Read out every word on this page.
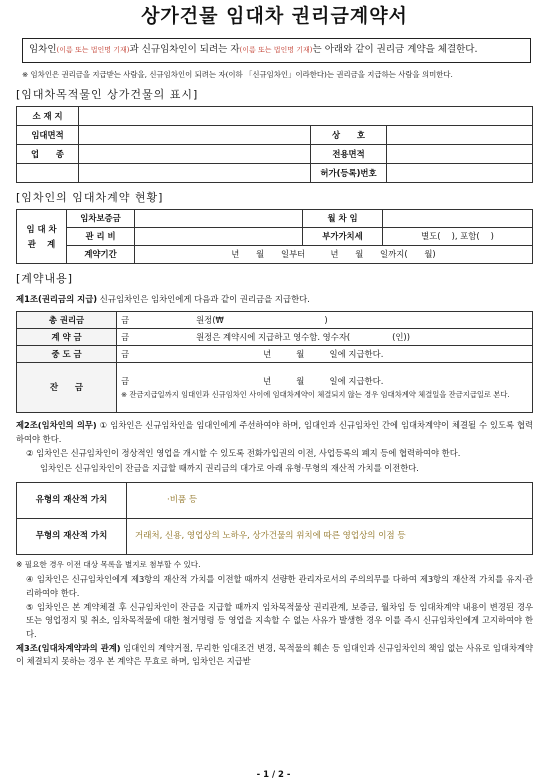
상가건물 임대차 권리금계약서
임차인(이름 또는 법인명 기재)과 신규임차인이 되려는 자(이름 또는 법인명 기재)는 아래와 같이 권리금 계약을 체결한다.
※ 임차인은 권리금을 지급받는 사람을, 신규임차인이 되려는 자(이하 「신규임차인」이라한다)는 권리금을 지급하는 사람을 의미한다.
[임대차목적물인 상가건물의 표시]
소 재 지			
임대면적		상　　호	
업　　종		전용면적	
		허가(등록)번호	
[임차인의 임대차계약 현황]
임 대 차 관　 계	임차보증금		월 차 임	
	관 리 비		부가가치세	별도(　 ), 포함(　 )
	계약기간	년　　월　　일부터　　　년　　월　　일까지(　　월)		
[계약내용]
제1조(권리금의 지급) 신규임차인은 임차인에게 다음과 같이 권리금을 지급한다.
총 권리금	금　　　　　　　　원정(₩　　　　　　　　　　　　)
계 약 금	금　　　　　　　　원정은 계약시에 지급하고 영수함. 영수자(　　　　　(인))
중 도 금	금　　　　　　　　　　　　　　　　년　　　월　　　일에 지급한다.
잔　　금	금　　　　　　　　　　　　　　　　년　　　월　　　일에 지급한다.
※ 잔금지급일까지 임대인과 신규임차인 사이에 임대차계약이 체결되지 않는 경우 임대차계약 체결일을 잔금지급일로 본다.
제2조(임차인의 의무) ① 임차인은 신규임차인을 임대인에게 주선하여야 하며, 임대인과 신규임차인 간에 임대차계약이 체결될 수 있도록 협력하여야 한다.
② 임차인은 신규임차인이 정상적인 영업을 개시할 수 있도록 전화가입권의 이전, 사업등록의 폐지 등에 협력하여야 한다.
임차인은 신규임차인이 잔금을 지급할 때까지 권리금의 대가로 아래 유형·무형의 재산적 가치를 이전한다.
유형의 재산적 가치	·비품 등
무형의 재산적 가치	거래처, 신용, 영업상의 노하우, 상가건물의 위치에 따른 영업상의 이점 등
※ 필요한 경우 이전 대상 목록을 별지로 첨부할 수 있다.
④ 임차인은 신규임차인에게 제3항의 재산적 가치를 이전할 때까지 선량한 관리자로서의 주의의무를 다하여 제3항의 재산적 가치를 유지·관리하여야 한다.
⑤ 임차인은 본 계약체결 후 신규임차인이 잔금을 지급할 때까지 임차목적물상 권리관계, 보증금, 월차임 등 임대차계약 내용이 변경된 경우 또는 영업정지 및 취소, 임차목적물에 대한 철거명령 등 영업을 지속할 수 없는 사유가 발생한 경우 이를 즉시 신규임차인에게 고지하여야 한다.
제3조(임대차계약과의 관계) 임대인의 계약거절, 무리한 임대조건 변경, 목적물의 훼손 등 임대인과 신규임차인의 책임 없는 사유로 임대차계약이 체결되지 못하는 경우 본 계약은 무효로 하며, 임차인은 지급받
- 1 / 2 -
